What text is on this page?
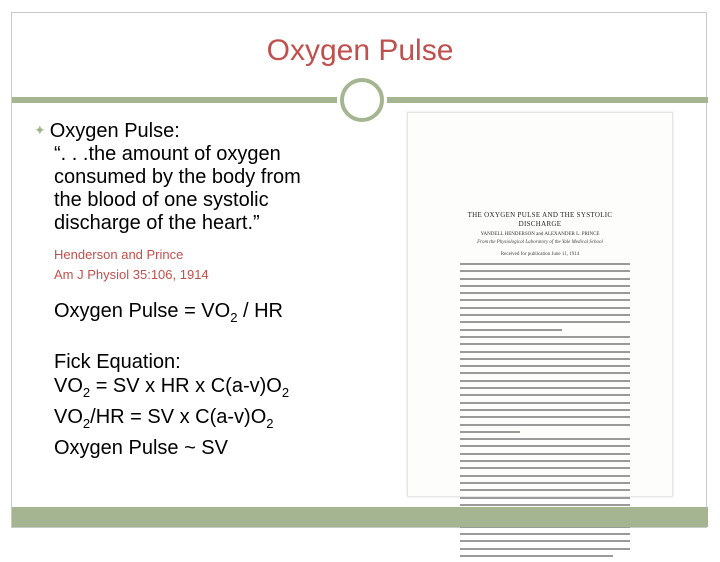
Oxygen Pulse
✦ Oxygen Pulse:
“. . .the amount of oxygen
consumed by the body from
the blood of one systolic
discharge of the heart.”
Henderson and Prince
Am J Physiol 35:106, 1914
Oxygen Pulse = $VO_2$ / HR
Fick Equation:
$VO_2$ = SV x HR x $C(a-v)O_2$
$VO_2/HR$ = SV x $C(a-v)O_2$
Oxygen Pulse ~ SV
THE OXYGEN PULSE AND THE SYSTOLIC
DISCHARGE
YANDELL HENDERSON and ALEXANDER L. PRINCE
From the Physiological Laboratory of the Yale Medical School
Received for publication June 11, 1914
